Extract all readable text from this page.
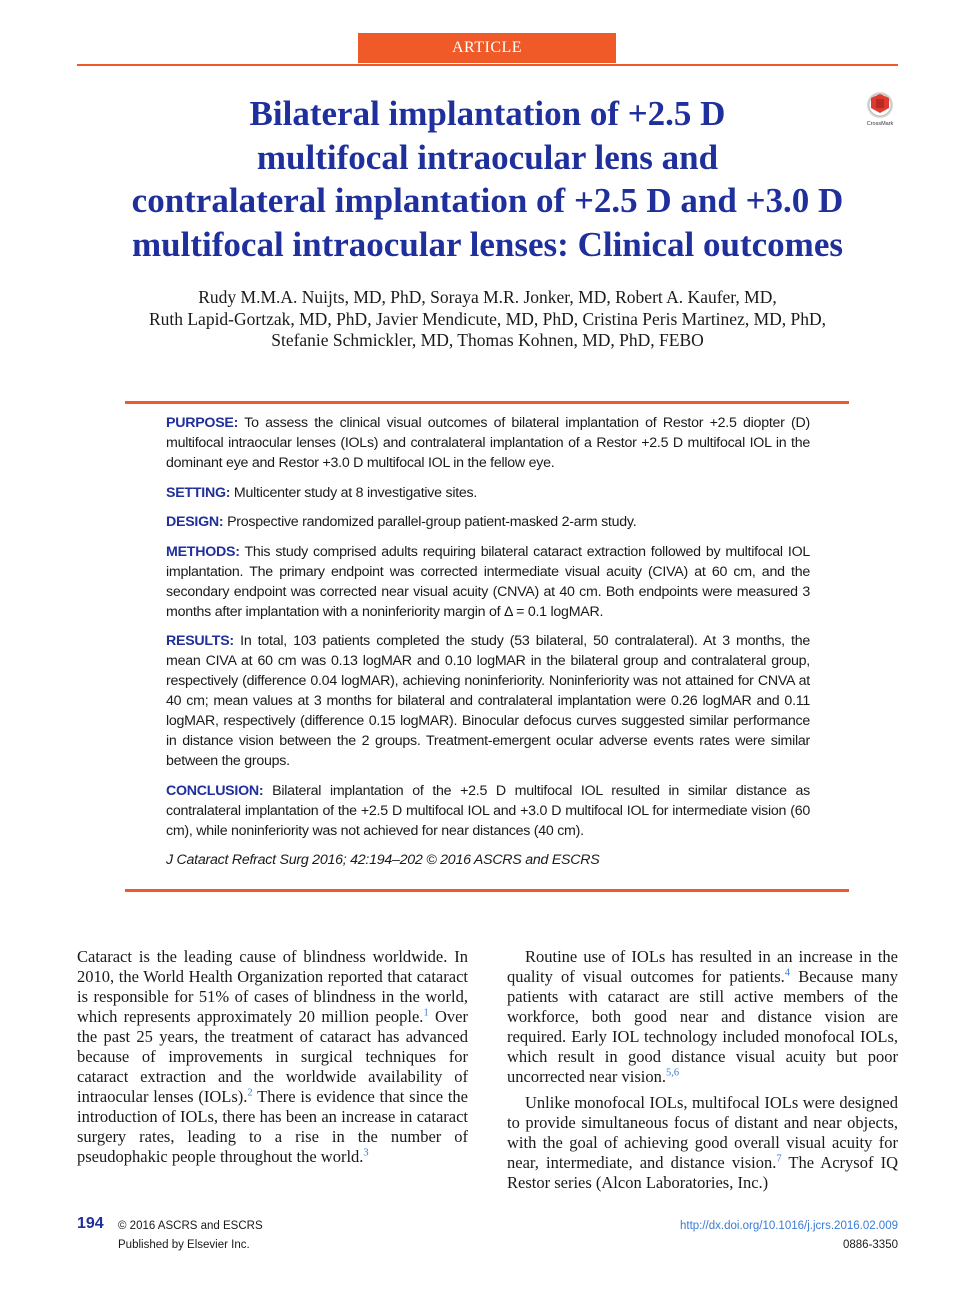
ARTICLE
Bilateral implantation of +2.5 D
multifocal intraocular lens and
contralateral implantation of +2.5 D and +3.0 D
multifocal intraocular lenses: Clinical outcomes
CrossMark
Rudy M.M.A. Nuijts, MD, PhD, Soraya M.R. Jonker, MD, Robert A. Kaufer, MD,
Ruth Lapid-Gortzak, MD, PhD, Javier Mendicute, MD, PhD, Cristina Peris Martinez, MD, PhD,
Stefanie Schmickler, MD, Thomas Kohnen, MD, PhD, FEBO

PURPOSE: To assess the clinical visual outcomes of bilateral implantation of Restor +2.5 diopter (D) multifocal intraocular lenses (IOLs) and contralateral implantation of a Restor +2.5 D multifocal IOL in the dominant eye and Restor +3.0 D multifocal IOL in the fellow eye.

SETTING: Multicenter study at 8 investigative sites.

DESIGN: Prospective randomized parallel-group patient-masked 2-arm study.

METHODS: This study comprised adults requiring bilateral cataract extraction followed by multifocal IOL implantation. The primary endpoint was corrected intermediate visual acuity (CIVA) at 60 cm, and the secondary endpoint was corrected near visual acuity (CNVA) at 40 cm. Both endpoints were measured 3 months after implantation with a noninferiority margin of Δ = 0.1 logMAR.

RESULTS: In total, 103 patients completed the study (53 bilateral, 50 contralateral). At 3 months, the mean CIVA at 60 cm was 0.13 logMAR and 0.10 logMAR in the bilateral group and contralateral group, respectively (difference 0.04 logMAR), achieving noninferiority. Noninferiority was not attained for CNVA at 40 cm; mean values at 3 months for bilateral and contralateral implantation were 0.26 logMAR and 0.11 logMAR, respectively (difference 0.15 logMAR). Binocular defocus curves suggested similar performance in distance vision between the 2 groups. Treatment-emergent ocular adverse events rates were similar between the groups.

CONCLUSION: Bilateral implantation of the +2.5 D multifocal IOL resulted in similar distance as contralateral implantation of the +2.5 D multifocal IOL and +3.0 D multifocal IOL for intermediate vision (60 cm), while noninferiority was not achieved for near distances (40 cm).

J Cataract Refract Surg 2016; 42:194–202 © 2016 ASCRS and ESCRS

Cataract is the leading cause of blindness worldwide. In 2010, the World Health Organization reported that cataract is responsible for 51% of cases of blindness in the world, which represents approximately 20 million people.$^1$ Over the past 25 years, the treatment of cataract has advanced because of improvements in surgical techniques for cataract extraction and the worldwide availability of intraocular lenses (IOLs).$^2$ There is evidence that since the introduction of IOLs, there has been an increase in cataract surgery rates, leading to a rise in the number of pseudophakic people throughout the world.$^3$

Routine use of IOLs has resulted in an increase in the quality of visual outcomes for patients.$^4$ Because many patients with cataract are still active members of the workforce, both good near and distance vision are required. Early IOL technology included monofocal IOLs, which result in good distance visual acuity but poor uncorrected near vision.$^{5,6}$

Unlike monofocal IOLs, multifocal IOLs were designed to provide simultaneous focus of distant and near objects, with the goal of achieving good overall visual acuity for near, intermediate, and distance vision.$^7$ The Acrysof IQ Restor series (Alcon Laboratories, Inc.)

194 © 2016 ASCRS and ESCRS
Published by Elsevier Inc.
http://dx.doi.org/10.1016/j.jcrs.2016.02.009
0886-3350
